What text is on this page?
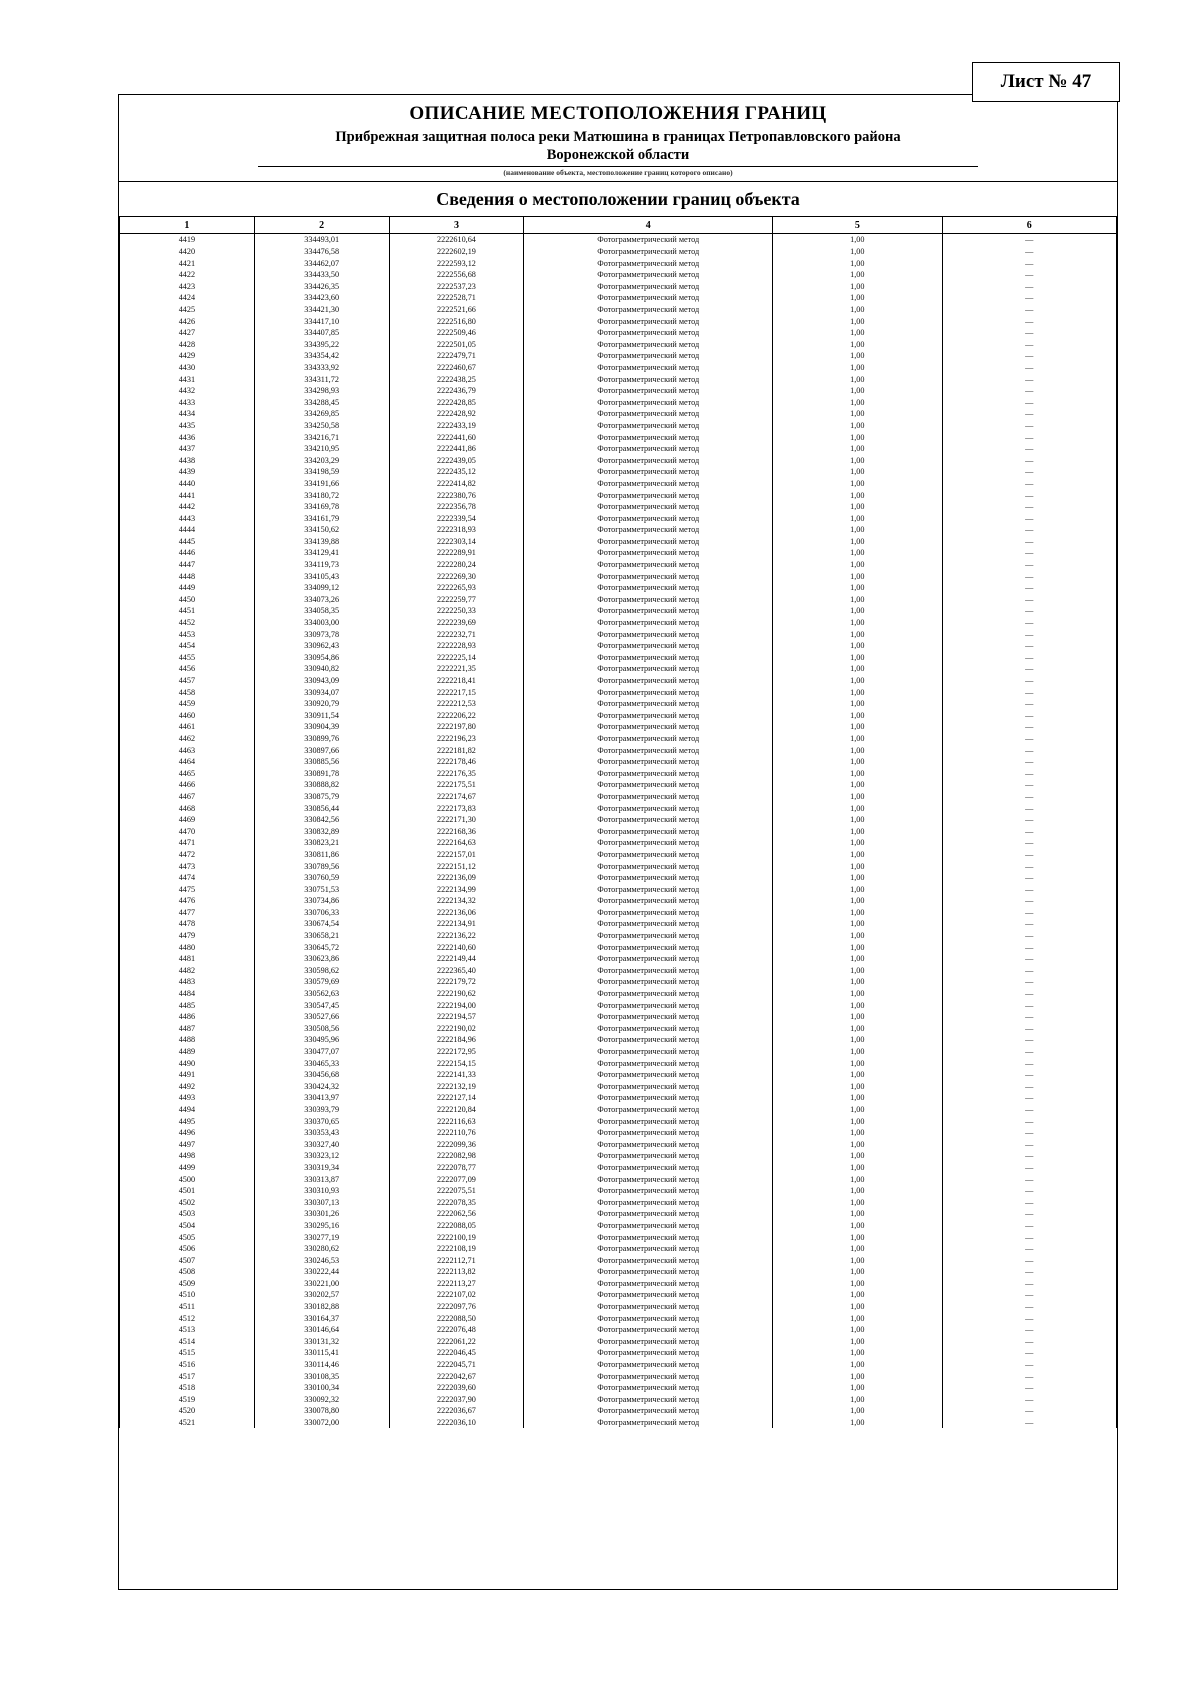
Лист № 47
ОПИСАНИЕ МЕСТОПОЛОЖЕНИЯ ГРАНИЦ
Прибрежная защитная полоса реки Матюшина в границах Петропавловского района
Воронежской области
(наименование объекта, местоположение границ которого описано)
Сведения о местоположении границ объекта
1	2	3	4	5	6
4419	334493,01	2222610,64	Фотограмметрический метод	1,00	—
4420	334476,58	2222602,19	Фотограмметрический метод	1,00	—
4421	334462,07	2222593,12	Фотограмметрический метод	1,00	—
4422	334433,50	2222556,68	Фотограмметрический метод	1,00	—
4423	334426,35	2222537,23	Фотограмметрический метод	1,00	—
4424	334423,60	2222528,71	Фотограмметрический метод	1,00	—
4425	334421,30	2222521,66	Фотограмметрический метод	1,00	—
4426	334417,10	2222516,80	Фотограмметрический метод	1,00	—
4427	334407,85	2222509,46	Фотограмметрический метод	1,00	—
4428	334395,22	2222501,05	Фотограмметрический метод	1,00	—
4429	334354,42	2222479,71	Фотограмметрический метод	1,00	—
4430	334333,92	2222460,67	Фотограмметрический метод	1,00	—
4431	334311,72	2222438,25	Фотограмметрический метод	1,00	—
4432	334298,93	2222436,79	Фотограмметрический метод	1,00	—
4433	334288,45	2222428,85	Фотограмметрический метод	1,00	—
4434	334269,85	2222428,92	Фотограмметрический метод	1,00	—
4435	334250,58	2222433,19	Фотограмметрический метод	1,00	—
4436	334216,71	2222441,60	Фотограмметрический метод	1,00	—
4437	334210,95	2222441,86	Фотограмметрический метод	1,00	—
4438	334203,29	2222439,05	Фотограмметрический метод	1,00	—
4439	334198,59	2222435,12	Фотограмметрический метод	1,00	—
4440	334191,66	2222414,82	Фотограмметрический метод	1,00	—
4441	334180,72	2222380,76	Фотограмметрический метод	1,00	—
4442	334169,78	2222356,78	Фотограмметрический метод	1,00	—
4443	334161,79	2222339,54	Фотограмметрический метод	1,00	—
4444	334150,62	2222318,93	Фотограмметрический метод	1,00	—
4445	334139,88	2222303,14	Фотограмметрический метод	1,00	—
4446	334129,41	2222289,91	Фотограмметрический метод	1,00	—
4447	334119,73	2222280,24	Фотограмметрический метод	1,00	—
4448	334105,43	2222269,30	Фотограмметрический метод	1,00	—
4449	334099,12	2222265,93	Фотограмметрический метод	1,00	—
4450	334073,26	2222259,77	Фотограмметрический метод	1,00	—
4451	334058,35	2222250,33	Фотограмметрический метод	1,00	—
4452	334003,00	2222239,69	Фотограмметрический метод	1,00	—
4453	330973,78	2222232,71	Фотограмметрический метод	1,00	—
4454	330962,43	2222228,93	Фотограмметрический метод	1,00	—
4455	330954,86	2222225,14	Фотограмметрический метод	1,00	—
4456	330940,82	2222221,35	Фотограмметрический метод	1,00	—
4457	330943,09	2222218,41	Фотограмметрический метод	1,00	—
4458	330934,07	2222217,15	Фотограмметрический метод	1,00	—
4459	330920,79	2222212,53	Фотограмметрический метод	1,00	—
4460	330911,54	2222206,22	Фотограмметрический метод	1,00	—
4461	330904,39	2222197,80	Фотограмметрический метод	1,00	—
4462	330899,76	2222196,23	Фотограмметрический метод	1,00	—
4463	330897,66	2222181,82	Фотограмметрический метод	1,00	—
4464	330885,56	2222178,46	Фотограмметрический метод	1,00	—
4465	330891,78	2222176,35	Фотограмметрический метод	1,00	—
4466	330888,82	2222175,51	Фотограмметрический метод	1,00	—
4467	330875,79	2222174,67	Фотограмметрический метод	1,00	—
4468	330856,44	2222173,83	Фотограмметрический метод	1,00	—
4469	330842,56	2222171,30	Фотограмметрический метод	1,00	—
4470	330832,89	2222168,36	Фотограмметрический метод	1,00	—
4471	330823,21	2222164,63	Фотограмметрический метод	1,00	—
4472	330811,86	2222157,01	Фотограмметрический метод	1,00	—
4473	330789,56	2222151,12	Фотограмметрический метод	1,00	—
4474	330760,59	2222136,09	Фотограмметрический метод	1,00	—
4475	330751,53	2222134,99	Фотограмметрический метод	1,00	—
4476	330734,86	2222134,32	Фотограмметрический метод	1,00	—
4477	330706,33	2222136,06	Фотограмметрический метод	1,00	—
4478	330674,54	2222134,91	Фотограмметрический метод	1,00	—
4479	330658,21	2222136,22	Фотограмметрический метод	1,00	—
4480	330645,72	2222140,60	Фотограмметрический метод	1,00	—
4481	330623,86	2222149,44	Фотограмметрический метод	1,00	—
4482	330598,62	2222365,40	Фотограмметрический метод	1,00	—
4483	330579,69	2222179,72	Фотограмметрический метод	1,00	—
4484	330562,63	2222190,62	Фотограмметрический метод	1,00	—
4485	330547,45	2222194,00	Фотограмметрический метод	1,00	—
4486	330527,66	2222194,57	Фотограмметрический метод	1,00	—
4487	330508,56	2222190,02	Фотограмметрический метод	1,00	—
4488	330495,96	2222184,96	Фотограмметрический метод	1,00	—
4489	330477,07	2222172,95	Фотограмметрический метод	1,00	—
4490	330465,33	2222154,15	Фотограмметрический метод	1,00	—
4491	330456,68	2222141,33	Фотограмметрический метод	1,00	—
4492	330424,32	2222132,19	Фотограмметрический метод	1,00	—
4493	330413,97	2222127,14	Фотограмметрический метод	1,00	—
4494	330393,79	2222120,84	Фотограмметрический метод	1,00	—
4495	330370,65	2222116,63	Фотограмметрический метод	1,00	—
4496	330353,43	2222110,76	Фотограмметрический метод	1,00	—
4497	330327,40	2222099,36	Фотограмметрический метод	1,00	—
4498	330323,12	2222082,98	Фотограмметрический метод	1,00	—
4499	330319,34	2222078,77	Фотограмметрический метод	1,00	—
4500	330313,87	2222077,09	Фотограмметрический метод	1,00	—
4501	330310,93	2222075,51	Фотограмметрический метод	1,00	—
4502	330307,13	2222078,35	Фотограмметрический метод	1,00	—
4503	330301,26	2222062,56	Фотограмметрический метод	1,00	—
4504	330295,16	2222088,05	Фотограмметрический метод	1,00	—
4505	330277,19	2222100,19	Фотограмметрический метод	1,00	—
4506	330280,62	2222108,19	Фотограмметрический метод	1,00	—
4507	330246,53	2222112,71	Фотограмметрический метод	1,00	—
4508	330222,44	2222113,82	Фотограмметрический метод	1,00	—
4509	330221,00	2222113,27	Фотограмметрический метод	1,00	—
4510	330202,57	2222107,02	Фотограмметрический метод	1,00	—
4511	330182,88	2222097,76	Фотограмметрический метод	1,00	—
4512	330164,37	2222088,50	Фотограмметрический метод	1,00	—
4513	330146,64	2222076,48	Фотограмметрический метод	1,00	—
4514	330131,32	2222061,22	Фотограмметрический метод	1,00	—
4515	330115,41	2222046,45	Фотограмметрический метод	1,00	—
4516	330114,46	2222045,71	Фотограмметрический метод	1,00	—
4517	330108,35	2222042,67	Фотограмметрический метод	1,00	—
4518	330100,34	2222039,60	Фотограмметрический метод	1,00	—
4519	330092,32	2222037,90	Фотограмметрический метод	1,00	—
4520	330078,80	2222036,67	Фотограмметрический метод	1,00	—
4521	330072,00	2222036,10	Фотограмметрический метод	1,00	—
